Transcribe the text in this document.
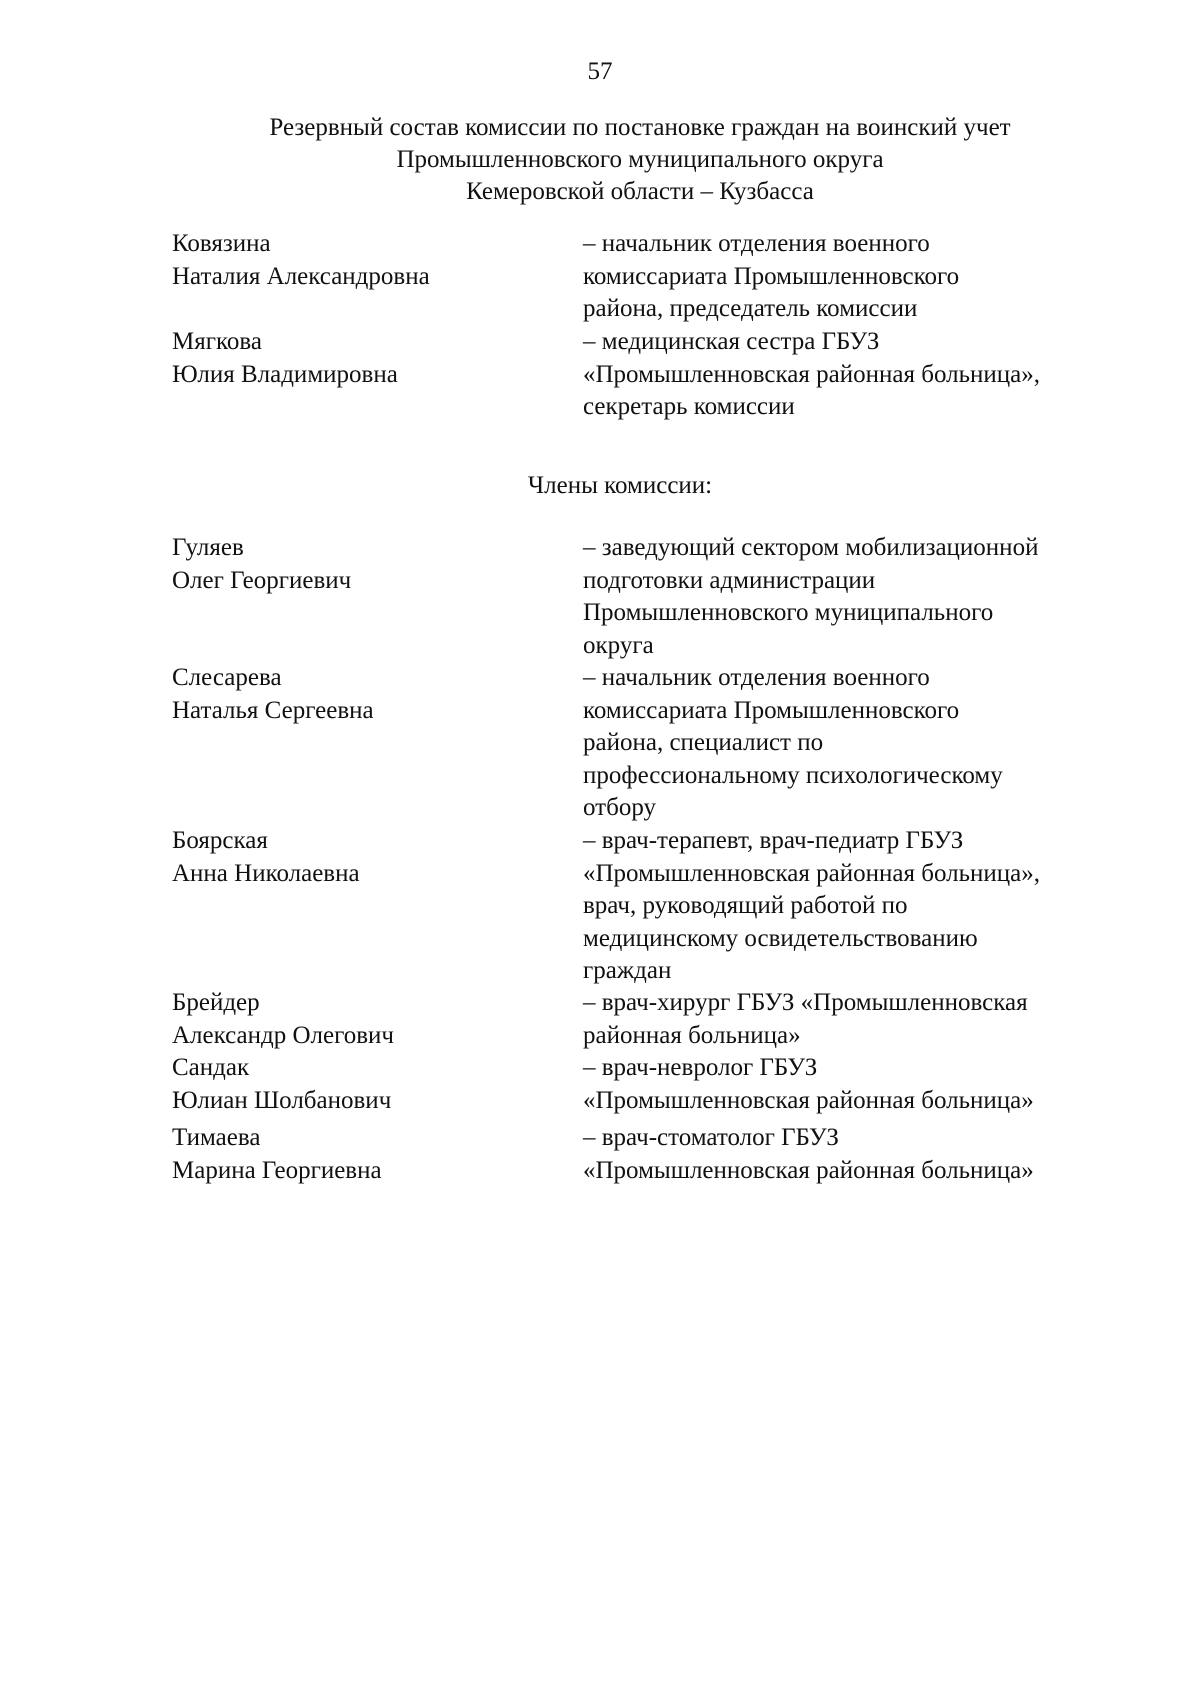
57
Резервный состав комиссии по постановке граждан на воинский учет
Промышленновского муниципального округа
Кемеровской области – Кузбасса
Ковязина
Наталия Александровна
– начальник отделения военного
комиссариата Промышленновского
района, председатель комиссии
Мягкова
Юлия Владимировна
– медицинская сестра ГБУЗ
«Промышленновская районная больница»,
секретарь комиссии
Члены комиссии:
Гуляев
Олег Георгиевич
– заведующий сектором мобилизационной
подготовки администрации
Промышленновского муниципального
округа
Слесарева
Наталья Сергеевна
– начальник отделения военного
комиссариата Промышленновского
района, специалист по
профессиональному психологическому
отбору
Боярская
Анна Николаевна
– врач-терапевт, врач-педиатр ГБУЗ
«Промышленновская районная больница»,
врач, руководящий работой по
медицинскому освидетельствованию
граждан
Брейдер
Александр Олегович
– врач-хирург ГБУЗ «Промышленновская
районная больница»
Сандак
Юлиан Шолбанович
– врач-невролог ГБУЗ
«Промышленновская районная больница»
Тимаева
Марина Георгиевна
– врач-стоматолог ГБУЗ
«Промышленновская районная больница»
